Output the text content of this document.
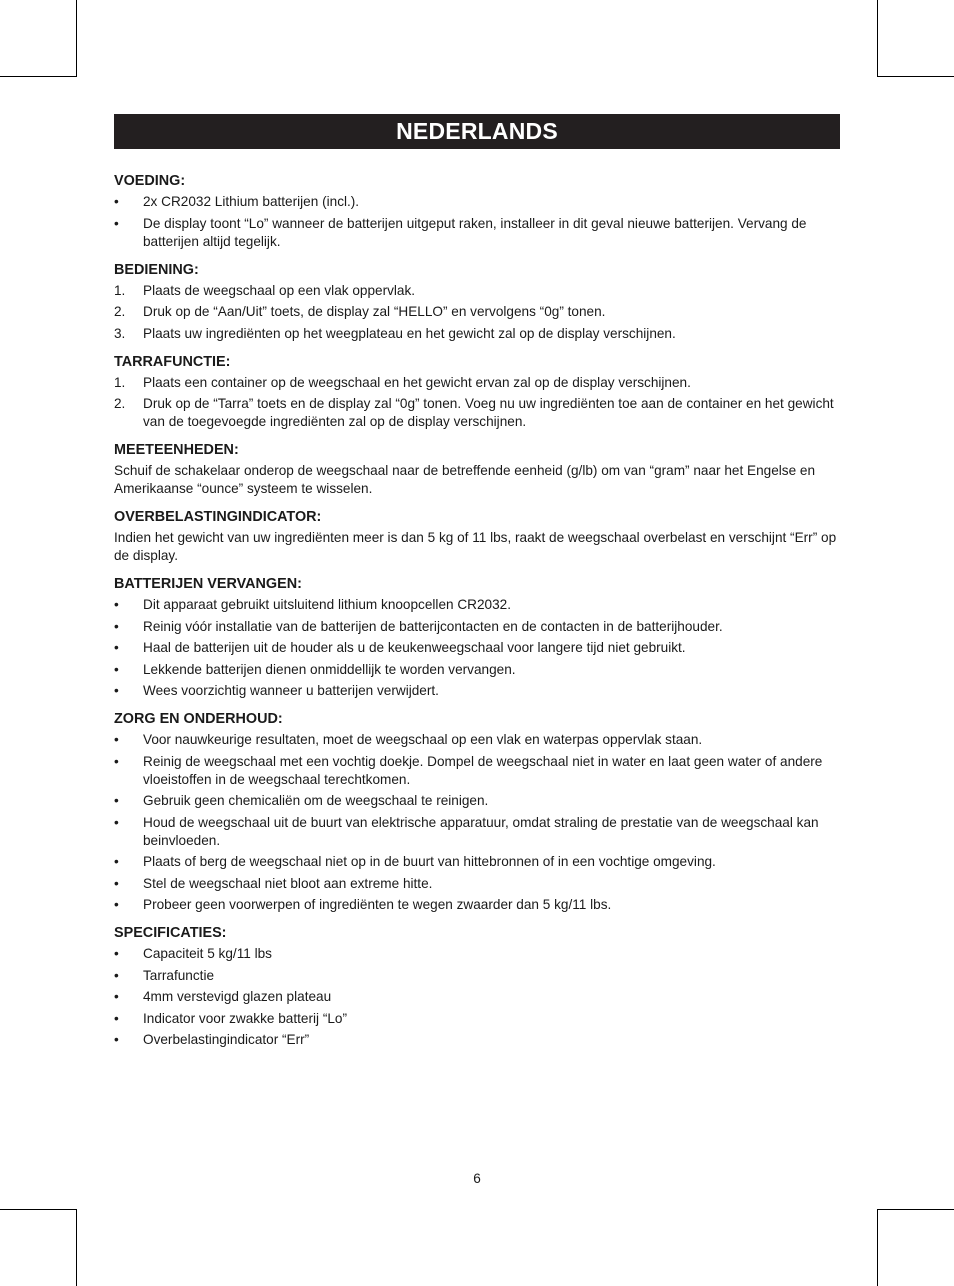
NEDERLANDS
VOEDING:
• 2x CR2032 Lithium batterijen (incl.).
• De display toont “Lo” wanneer de batterijen uitgeput raken, installeer in dit geval nieuwe batterijen. Vervang de batterijen altijd tegelijk.
BEDIENING:
1. Plaats de weegschaal op een vlak oppervlak.
2. Druk op de “Aan/Uit” toets, de display zal “HELLO” en vervolgens “0g” tonen.
3. Plaats uw ingrediënten op het weegplateau en het gewicht zal op de display verschijnen.
TARRAFUNCTIE:
1. Plaats een container op de weegschaal en het gewicht ervan zal op de display verschijnen.
2. Druk op de “Tarra” toets en de display zal “0g” tonen. Voeg nu uw ingrediënten toe aan de container en het gewicht van de toegevoegde ingrediënten zal op de display verschijnen.
MEETEENHEDEN:
Schuif de schakelaar onderop de weegschaal naar de betreffende eenheid (g/lb) om van “gram” naar het Engelse en Amerikaanse “ounce” systeem te wisselen.
OVERBELASTINGINDICATOR:
Indien het gewicht van uw ingrediënten meer is dan 5 kg of 11 lbs, raakt de weegschaal overbelast en verschijnt “Err” op de display.
BATTERIJEN VERVANGEN:
• Dit apparaat gebruikt uitsluitend lithium knoopcellen CR2032.
• Reinig vóór installatie van de batterijen de batterijcontacten en de contacten in de batterijhouder.
• Haal de batterijen uit de houder als u de keukenweegschaal voor langere tijd niet gebruikt.
• Lekkende batterijen dienen onmiddellijk te worden vervangen.
• Wees voorzichtig wanneer u batterijen verwijdert.
ZORG EN ONDERHOUD:
• Voor nauwkeurige resultaten, moet de weegschaal op een vlak en waterpas oppervlak staan.
• Reinig de weegschaal met een vochtig doekje. Dompel de weegschaal niet in water en laat geen water of andere vloeistoffen in de weegschaal terechtkomen.
• Gebruik geen chemicaliën om de weegschaal te reinigen.
• Houd de weegschaal uit de buurt van elektrische apparatuur, omdat straling de prestatie van de weegschaal kan beinvloeden.
• Plaats of berg de weegschaal niet op in de buurt van hittebronnen of in een vochtige omgeving.
• Stel de weegschaal niet bloot aan extreme hitte.
• Probeer geen voorwerpen of ingrediënten te wegen zwaarder dan 5 kg/11 lbs.
SPECIFICATIES:
• Capaciteit 5 kg/11 lbs
• Tarrafunctie
• 4mm verstevigd glazen plateau
• Indicator voor zwakke batterij “Lo”
• Overbelastingindicator “Err”
6
